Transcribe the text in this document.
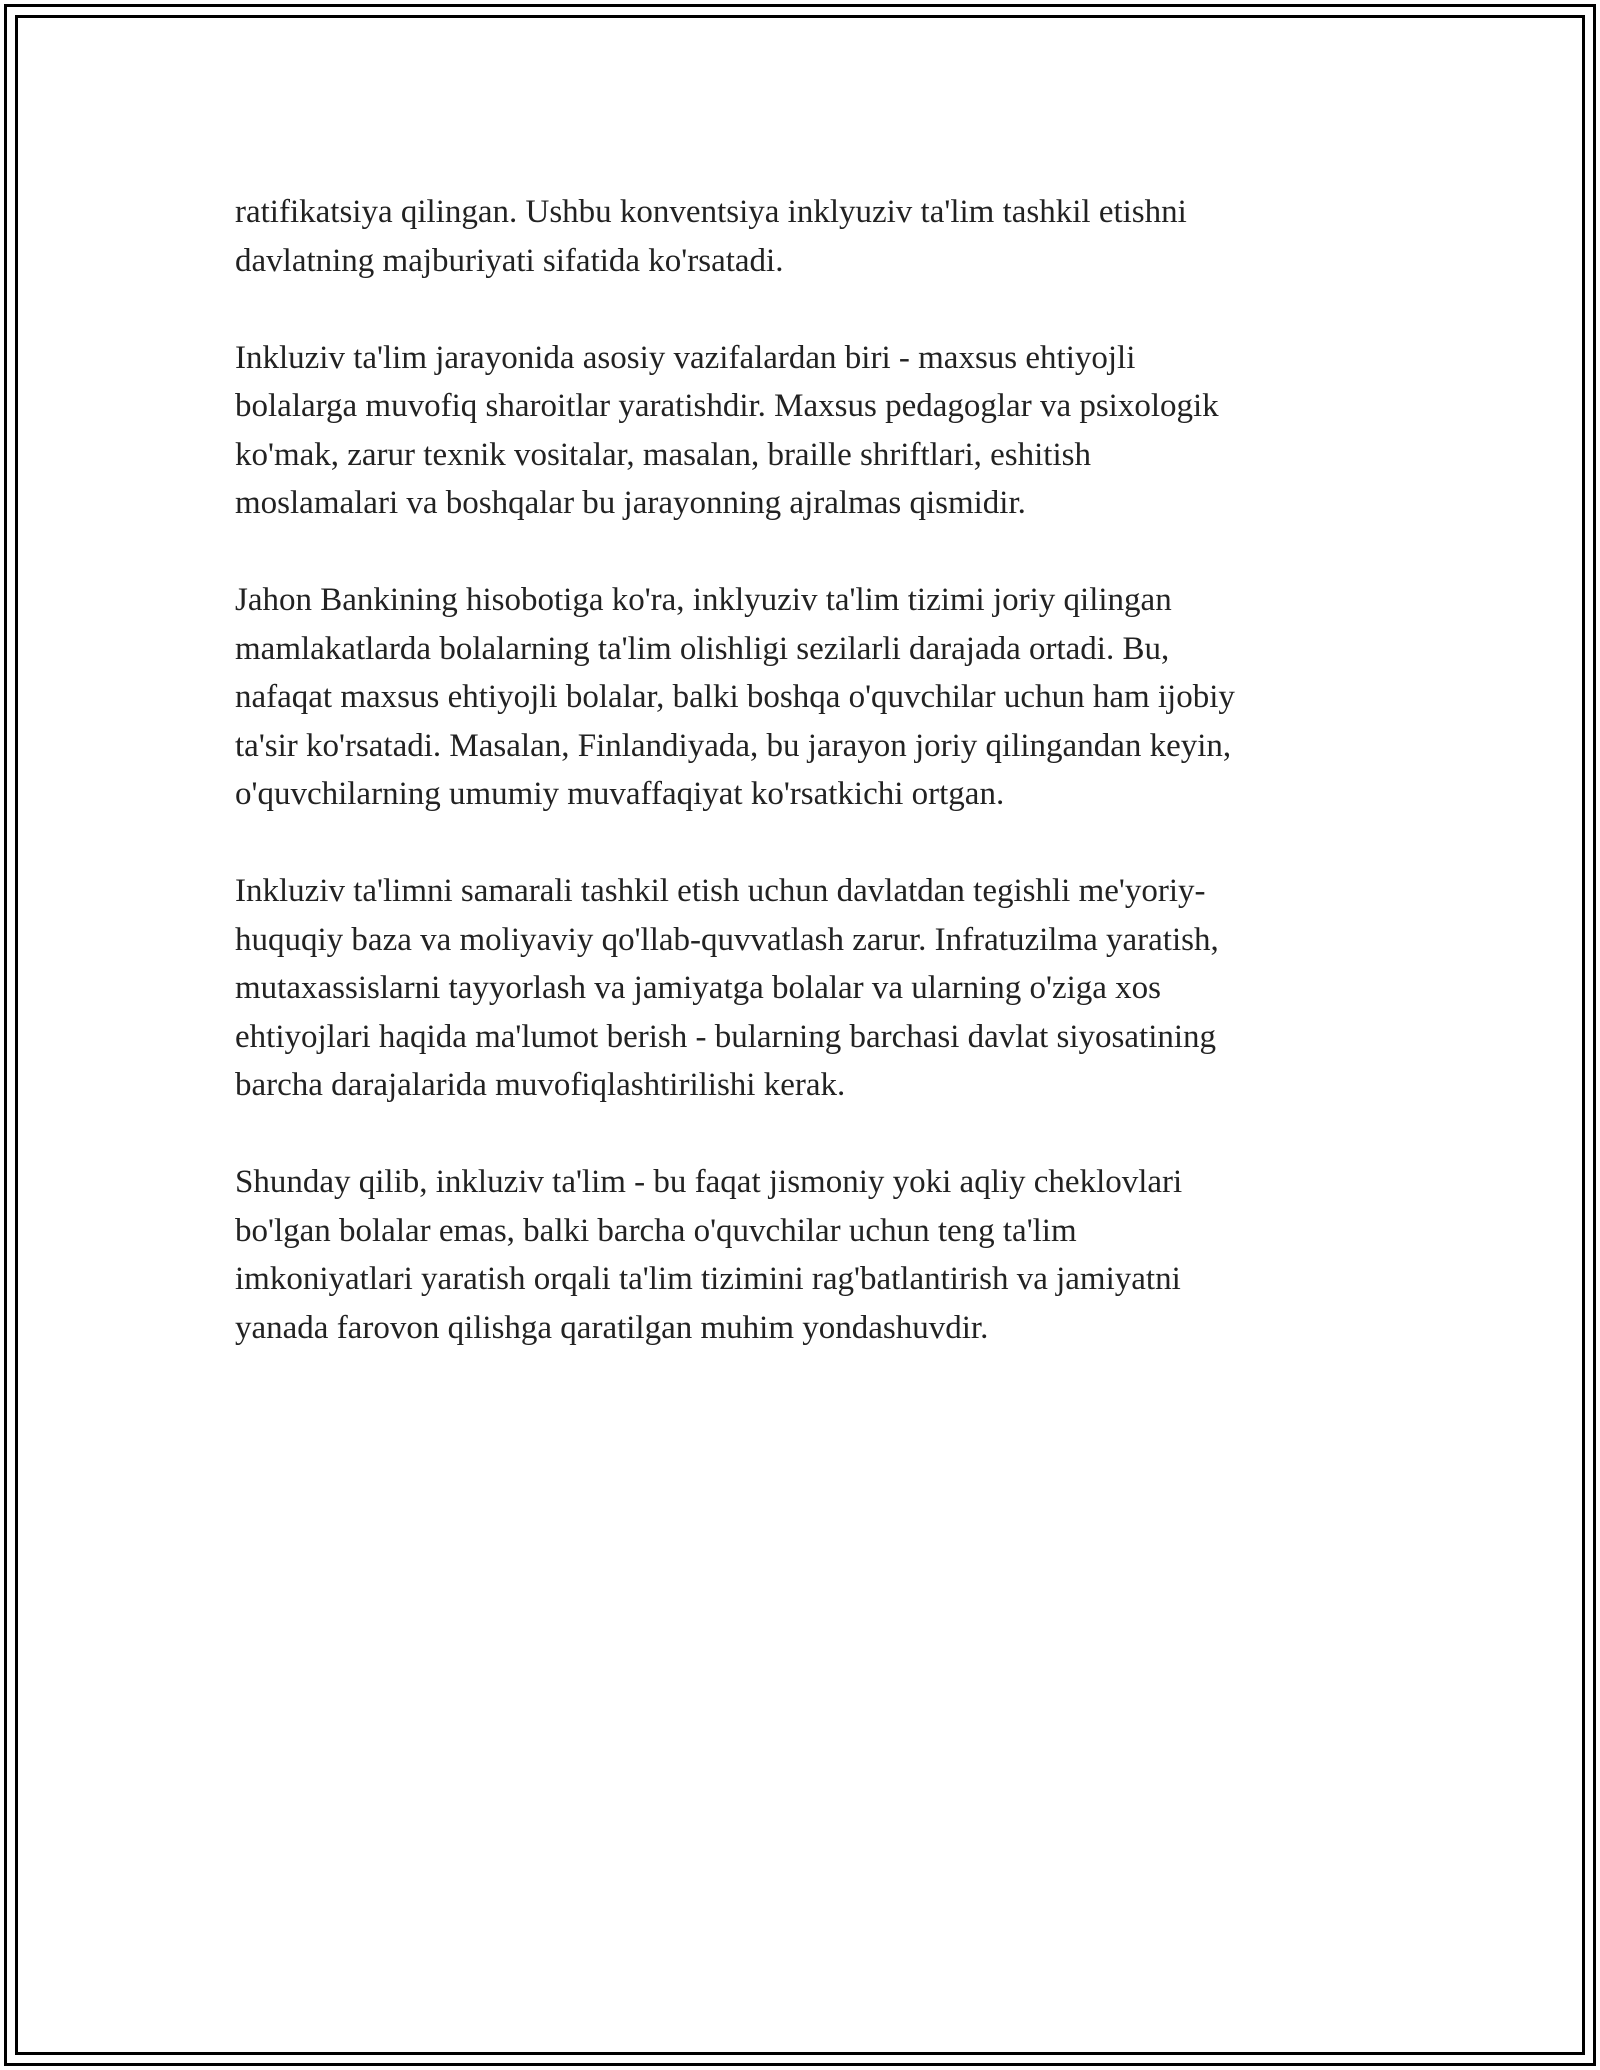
ratifikatsiya qilingan. Ushbu konventsiya inklyuziv ta'lim tashkil etishni
davlatning majburiyati sifatida ko'rsatadi.

Inkluziv ta'lim jarayonida asosiy vazifalardan biri - maxsus ehtiyojli
bolalarga muvofiq sharoitlar yaratishdir. Maxsus pedagoglar va psixologik
ko'mak, zarur texnik vositalar, masalan, braille shriftlari, eshitish
moslamalari va boshqalar bu jarayonning ajralmas qismidir.

Jahon Bankining hisobotiga ko'ra, inklyuziv ta'lim tizimi joriy qilingan
mamlakatlarda bolalarning ta'lim olishligi sezilarli darajada ortadi. Bu,
nafaqat maxsus ehtiyojli bolalar, balki boshqa o'quvchilar uchun ham ijobiy
ta'sir ko'rsatadi. Masalan, Finlandiyada, bu jarayon joriy qilingandan keyin,
o'quvchilarning umumiy muvaffaqiyat ko'rsatkichi ortgan.

Inkluziv ta'limni samarali tashkil etish uchun davlatdan tegishli me'yoriy-
huquqiy baza va moliyaviy qo'llab-quvvatlash zarur. Infratuzilma yaratish,
mutaxassislarni tayyorlash va jamiyatga bolalar va ularning o'ziga xos
ehtiyojlari haqida ma'lumot berish - bularning barchasi davlat siyosatining
barcha darajalarida muvofiqlashtirilishi kerak.

Shunday qilib, inkluziv ta'lim - bu faqat jismoniy yoki aqliy cheklovlari
bo'lgan bolalar emas, balki barcha o'quvchilar uchun teng ta'lim
imkoniyatlari yaratish orqali ta'lim tizimini rag'batlantirish va jamiyatni
yanada farovon qilishga qaratilgan muhim yondashuvdir.
